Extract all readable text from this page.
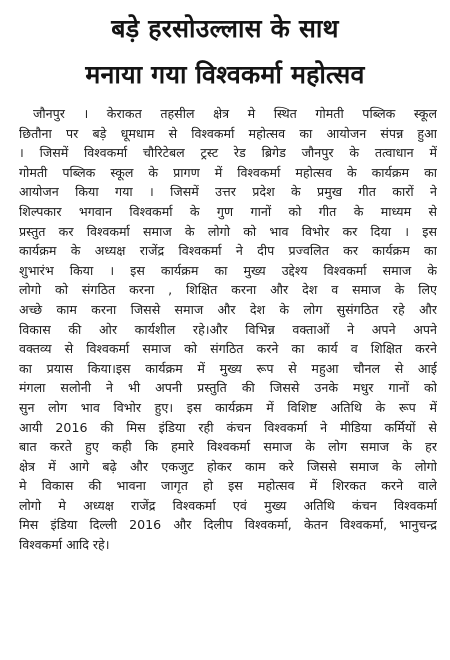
बड़े हरसोउल्लास के साथ
मनाया गया विश्वकर्मा महोत्सव

जौनपुर । केराकत तहसील क्षेत्र मे स्थित गोमती पब्लिक स्कूल
छितौना पर बड़े धूमधाम से विश्वकर्मा महोत्सव का आयोजन संपन्न हुआ
। जिसमें विश्वकर्मा चौरिटेबल ट्रस्ट रेड ब्रिगेड जौनपुर के तत्वाधान में
गोमती पब्लिक स्कूल के प्रागण में विश्वकर्मा महोत्सव के कार्यक्रम का
आयोजन किया गया । जिसमें उत्तर प्रदेश के प्रमुख गीत कारों ने
शिल्पकार भगवान विश्वकर्मा के गुण गानों को गीत के माध्यम से
प्रस्तुत कर विश्वकर्मा समाज के लोगो को भाव विभोर कर दिया । इस
कार्यक्रम के अध्यक्ष राजेंद्र विश्वकर्मा ने दीप प्रज्वलित कर कार्यक्रम का
शुभारंभ किया । इस कार्यक्रम का मुख्य उद्देश्य विश्वकर्मा समाज के
लोगो को संगठित करना , शिक्षित करना और देश व समाज के लिए
अच्छे काम करना जिससे समाज और देश के लोग सुसंगठित रहे और
विकास की ओर कार्यशील रहे।और विभिन्न वक्ताओं ने अपने अपने
वक्तव्य से विश्वकर्मा समाज को संगठित करने का कार्य व शिक्षित करने
का प्रयास किया।इस कार्यक्रम में मुख्य रूप से महुआ चौनल से आई
मंगला सलोनी ने भी अपनी प्रस्तुति की जिससे उनके मधुर गानों को
सुन लोग भाव विभोर हुए। इस कार्यक्रम में विशिष्ट अतिथि के रूप में
आयी 2016 की मिस इंडिया रही कंचन विश्वकर्मा ने मीडिया कर्मियों से
बात करते हुए कही कि हमारे विश्वकर्मा समाज के लोग समाज के हर
क्षेत्र में आगे बढ़े और एकजुट होकर काम करे जिससे समाज के लोगो
मे विकास की भावना जागृत हो इस महोत्सव में शिरकत करने वाले
लोगो मे अध्यक्ष राजेंद्र विश्वकर्मा एवं मुख्य अतिथि कंचन विश्वकर्मा
मिस इंडिया दिल्ली 2016 और दिलीप विश्वकर्मा, केतन विश्वकर्मा, भानुचन्द्र
विश्वकर्मा आदि रहे।
